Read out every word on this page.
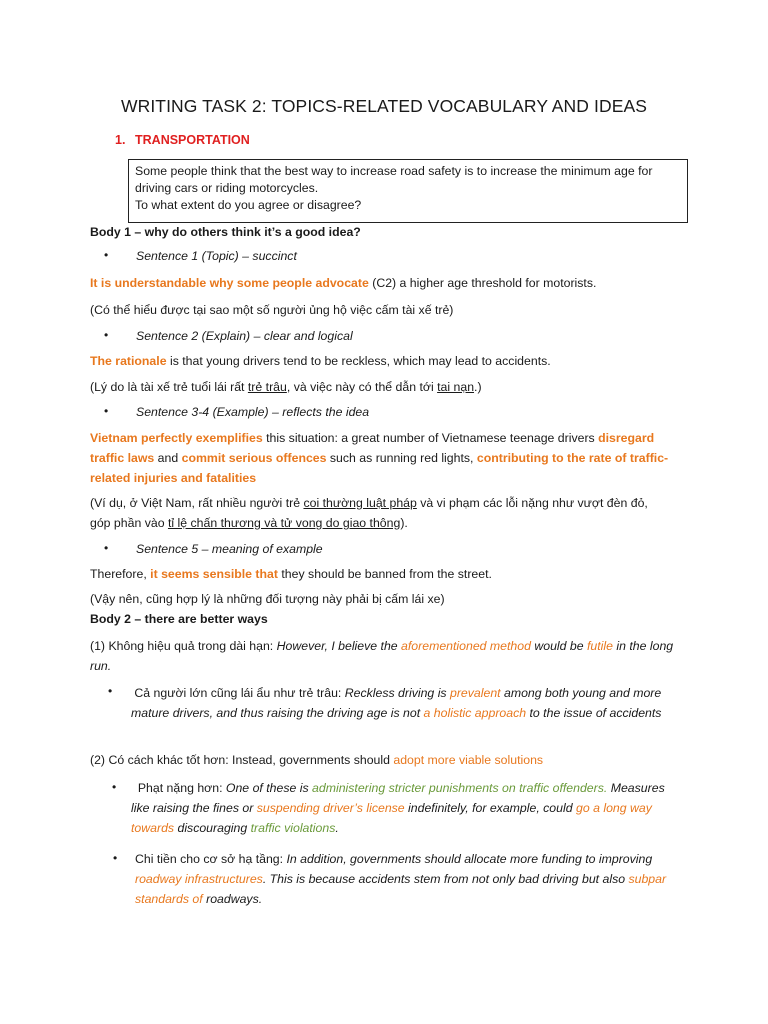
WRITING TASK 2: TOPICS-RELATED VOCABULARY AND IDEAS
1. TRANSPORTATION
Some people think that the best way to increase road safety is to increase the minimum age for
driving cars or riding motorcycles.
To what extent do you agree or disagree?
Body 1 – why do others think it’s a good idea?
• Sentence 1 (Topic) – succinct
It is understandable why some people advocate (C2) a higher age threshold for motorists.
(Có thể hiểu được tại sao một số người ủng hộ việc cấm tài xế trẻ)
• Sentence 2 (Explain) – clear and logical
The rationale is that young drivers tend to be reckless, which may lead to accidents.
(Lý do là tài xế trẻ tuổi lái rất trẻ trâu, và việc này có thể dẫn tới tai nạn.)
• Sentence 3-4 (Example) – reflects the idea
Vietnam perfectly exemplifies this situation: a great number of Vietnamese teenage drivers disregard traffic laws and commit serious offences such as running red lights, contributing to the rate of traffic-related injuries and fatalities
(Ví dụ, ở Việt Nam, rất nhiều người trẻ coi thường luật pháp và vi phạm các lỗi nặng như vượt đèn đỏ,
góp phần vào tỉ lệ chấn thương và tử vong do giao thông).
• Sentence 5 – meaning of example
Therefore, it seems sensible that they should be banned from the street.
(Vậy nên, cũng hợp lý là những đối tượng này phải bị cấm lái xe)
Body 2 – there are better ways
(1) Không hiệu quả trong dài hạn: However, I believe the aforementioned method would be futile in the long run.
• Cả người lớn cũng lái ẩu như trẻ trâu: Reckless driving is prevalent among both young and more mature drivers, and thus raising the driving age is not a holistic approach to the issue of accidents
(2) Có cách khác tốt hơn: Instead, governments should adopt more viable solutions
•	Phạt nặng hơn: One of these is administering stricter punishments on traffic offenders. Measures like raising the fines or suspending driver’s license indefinitely, for example, could go a long way towards discouraging traffic violations.
• Chi tiền cho cơ sở hạ tầng: In addition, governments should allocate more funding to improving roadway infrastructures. This is because accidents stem from not only bad driving but also subpar standards of roadways.
